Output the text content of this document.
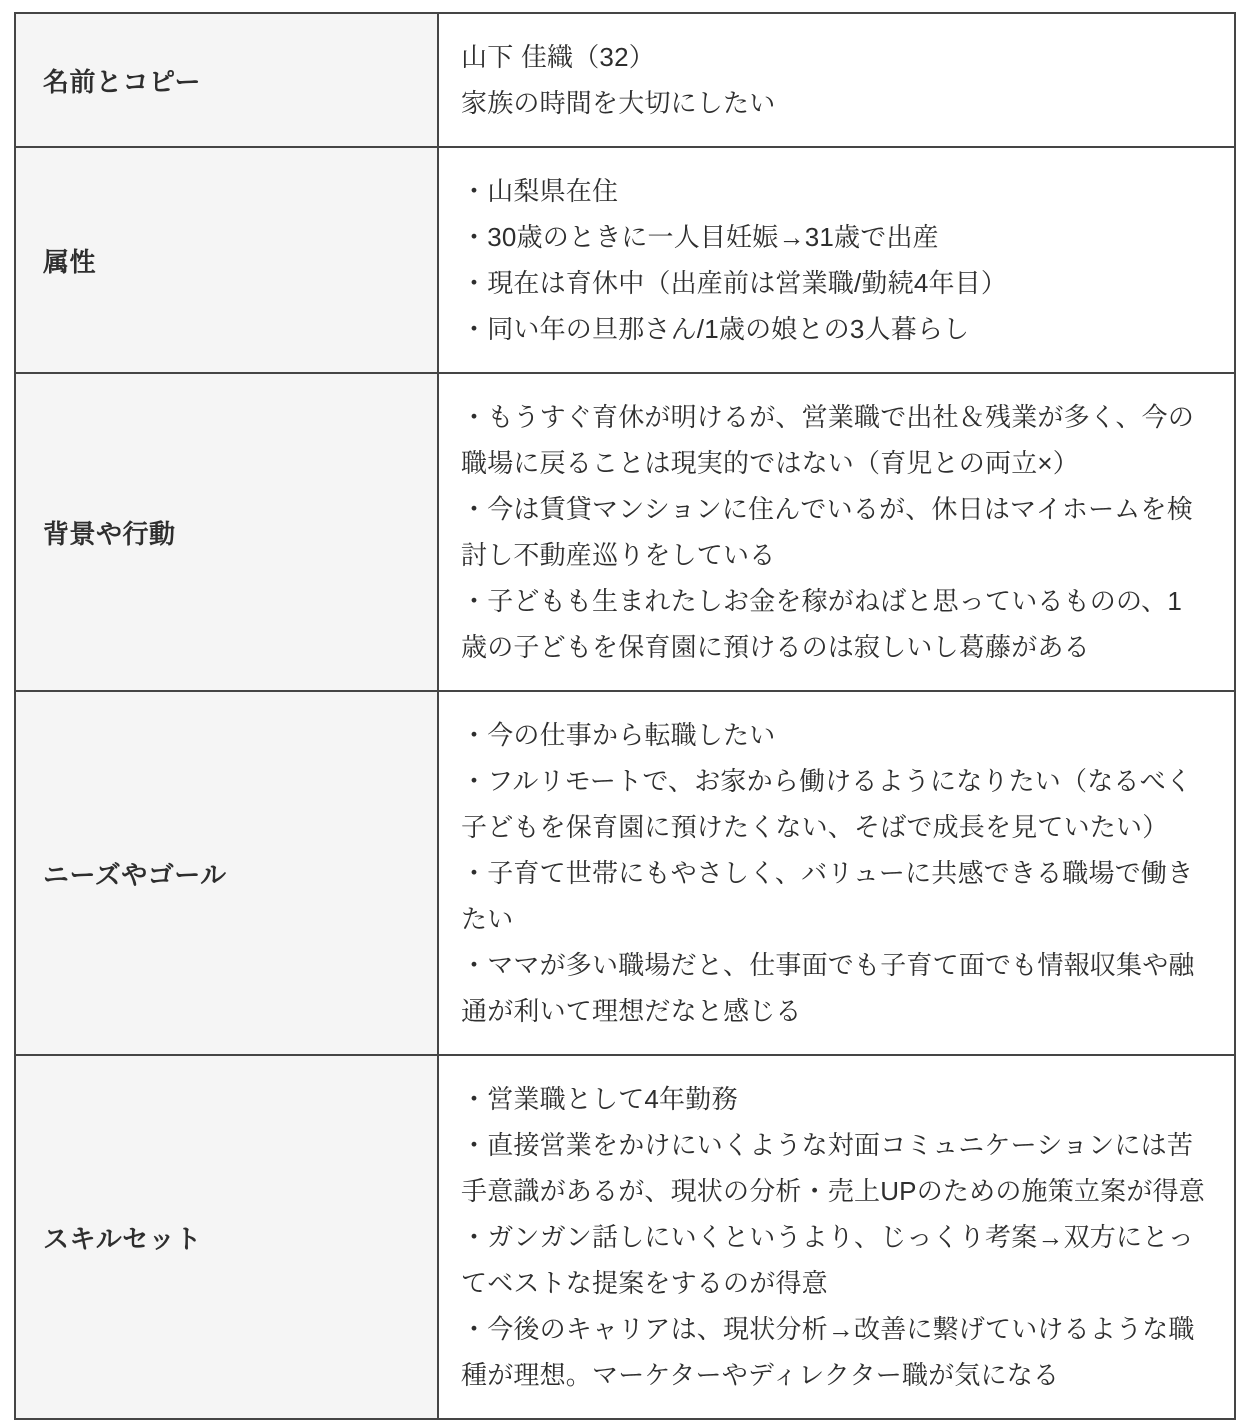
名前とコピー	山下 佳織（32）

家族の時間を大切にしたい

属性	・山梨県在住

・30歳のときに一人目妊娠→31歳で出産

・現在は育休中（出産前は営業職/勤続4年目）

・同い年の旦那さん/1歳の娘との3人暮らし

背景や行動	・もうすぐ育休が明けるが、営業職で出社＆残業が多く、今の職場に戻ることは現実的ではない（育児との両立×）

・今は賃貸マンションに住んでいるが、休日はマイホームを検討し不動産巡りをしている

・子どもも生まれたしお金を稼がねばと思っているものの、1歳の子どもを保育園に預けるのは寂しいし葛藤がある

ニーズやゴール	・今の仕事から転職したい

・フルリモートで、お家から働けるようになりたい（なるべく子どもを保育園に預けたくない、そばで成長を見ていたい）

・子育て世帯にもやさしく、バリューに共感できる職場で働きたい

・ママが多い職場だと、仕事面でも子育て面でも情報収集や融通が利いて理想だなと感じる

スキルセット	・営業職として4年勤務

・直接営業をかけにいくような対面コミュニケーションには苦手意識があるが、現状の分析・売上UPのための施策立案が得意

・ガンガン話しにいくというより、じっくり考案→双方にとってベストな提案をするのが得意

・今後のキャリアは、現状分析→改善に繋げていけるような職種が理想。マーケターやディレクター職が気になる
